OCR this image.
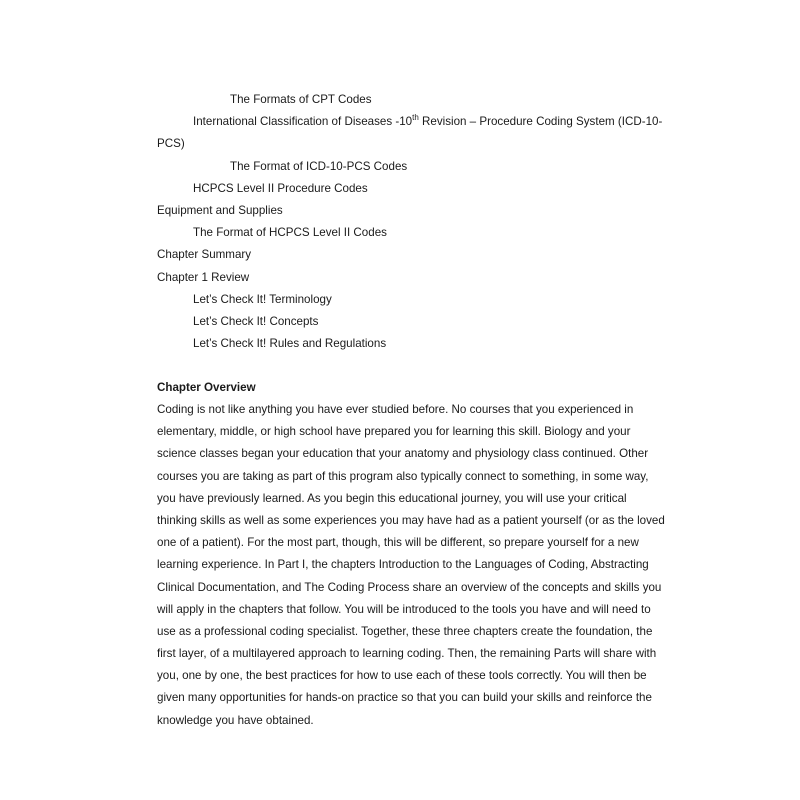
The Formats of CPT Codes
International Classification of Diseases -10th Revision – Procedure Coding System (ICD-10-
PCS)
The Format of ICD-10-PCS Codes
HCPCS Level II Procedure Codes
Equipment and Supplies
The Format of HCPCS Level II Codes
Chapter Summary
Chapter 1 Review
Let’s Check It! Terminology
Let’s Check It! Concepts
Let’s Check It! Rules and Regulations
Chapter Overview
Coding is not like anything you have ever studied before. No courses that you experienced in
elementary, middle, or high school have prepared you for learning this skill. Biology and your
science classes began your education that your anatomy and physiology class continued. Other
courses you are taking as part of this program also typically connect to something, in some way,
you have previously learned. As you begin this educational journey, you will use your critical
thinking skills as well as some experiences you may have had as a patient yourself (or as the loved
one of a patient). For the most part, though, this will be different, so prepare yourself for a new
learning experience. In Part I, the chapters Introduction to the Languages of Coding, Abstracting
Clinical Documentation, and The Coding Process share an overview of the concepts and skills you
will apply in the chapters that follow. You will be introduced to the tools you have and will need to
use as a professional coding specialist. Together, these three chapters create the foundation, the
first layer, of a multilayered approach to learning coding. Then, the remaining Parts will share with
you, one by one, the best practices for how to use each of these tools correctly. You will then be
given many opportunities for hands-on practice so that you can build your skills and reinforce the
knowledge you have obtained.
